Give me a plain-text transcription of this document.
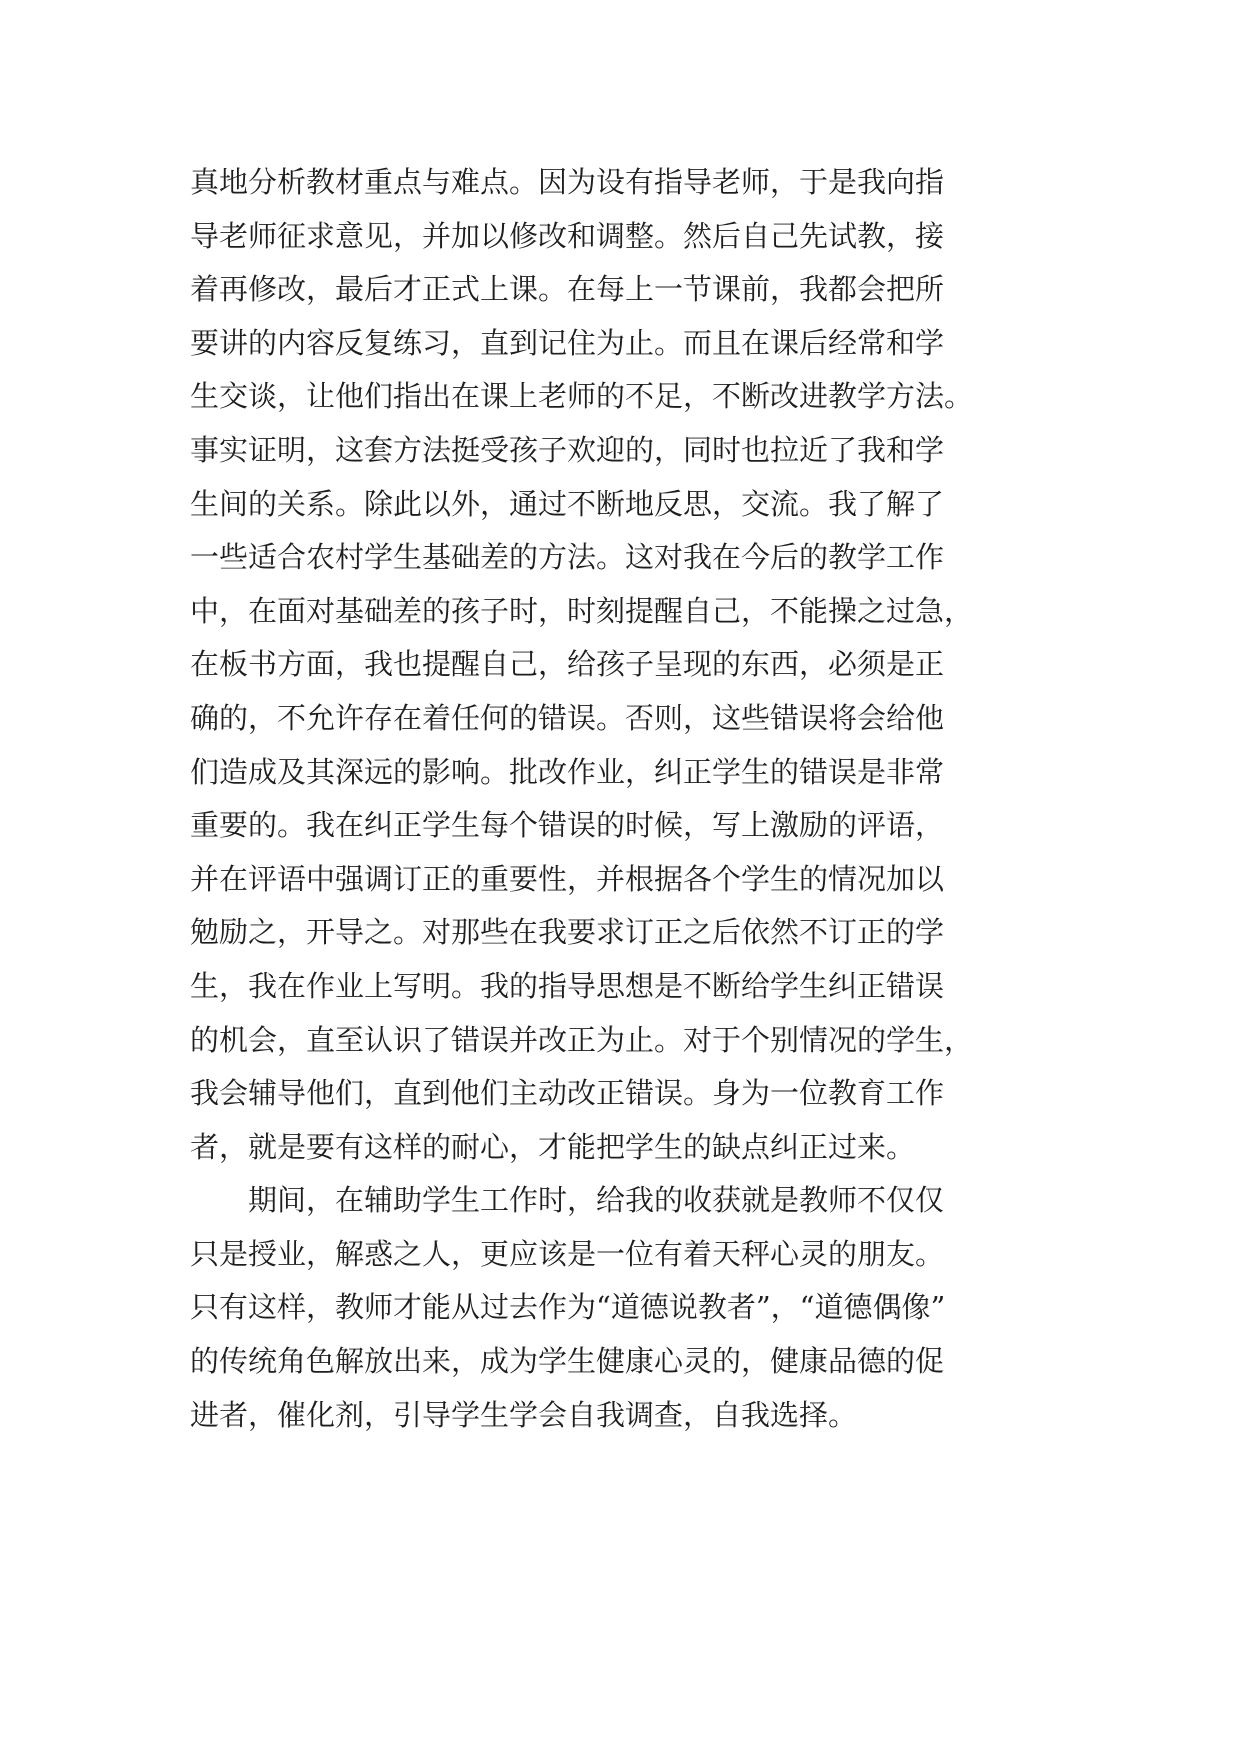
真地分析教材重点与难点。因为设有指导老师，于是我向指
导老师征求意见，并加以修改和调整。然后自己先试教，接
着再修改，最后才正式上课。在每上一节课前，我都会把所
要讲的内容反复练习，直到记住为止。而且在课后经常和学
生交谈，让他们指出在课上老师的不足，不断改进教学方法。
事实证明，这套方法挺受孩子欢迎的，同时也拉近了我和学
生间的关系。除此以外，通过不断地反思，交流。我了解了
一些适合农村学生基础差的方法。这对我在今后的教学工作
中，在面对基础差的孩子时，时刻提醒自己，不能操之过急，
在板书方面，我也提醒自己，给孩子呈现的东西，必须是正
确的，不允许存在着任何的错误。否则，这些错误将会给他
们造成及其深远的影响。批改作业，纠正学生的错误是非常
重要的。我在纠正学生每个错误的时候，写上激励的评语，
并在评语中强调订正的重要性，并根据各个学生的情况加以
勉励之，开导之。对那些在我要求订正之后依然不订正的学
生，我在作业上写明。我的指导思想是不断给学生纠正错误
的机会，直至认识了错误并改正为止。对于个别情况的学生，
我会辅导他们，直到他们主动改正错误。身为一位教育工作
者，就是要有这样的耐心，才能把学生的缺点纠正过来。
期间，在辅助学生工作时，给我的收获就是教师不仅仅
只是授业，解惑之人，更应该是一位有着天秤心灵的朋友。
只有这样，教师才能从过去作为“道德说教者”，“道德偶像”
的传统角色解放出来，成为学生健康心灵的，健康品德的促
进者，催化剂，引导学生学会自我调查，自我选择。
